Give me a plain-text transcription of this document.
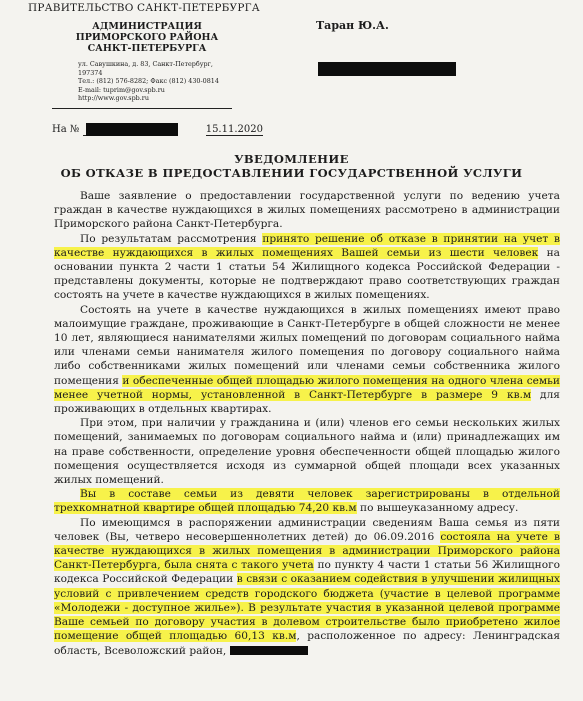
ПРАВИТЕЛЬСТВО САНКТ-ПЕТЕРБУРГА
АДМИНИСТРАЦИЯ
ПРИМОРСКОГО РАЙОНА
САНКТ-ПЕТЕРБУРГА
ул. Савушкина, д. 83, Санкт-Петербург, 197374
Тел.: (812) 576-8282; Факс (812) 430-0814
E-mail: tuprim@gov.spb.ru
http://www.gov.spb.ru
Таран Ю.А.
На №	15.11.2020
УВЕДОМЛЕНИЕ
ОБ ОТКАЗЕ В ПРЕДОСТАВЛЕНИИ ГОСУДАРСТВЕННОЙ УСЛУГИ

Ваше заявление о предоставлении государственной услуги по ведению учета граждан в качестве нуждающихся в жилых помещениях рассмотрено в администрации Приморского района Санкт-Петербурга.

По результатам рассмотрения принято решение об отказе в принятии на учет в качестве нуждающихся в жилых помещениях Вашей семьи из шести человек на основании пункта 2 части 1 статьи 54 Жилищного кодекса Российской Федерации - представлены документы, которые не подтверждают право соответствующих граждан состоять на учете в качестве нуждающихся в жилых помещениях.

Состоять на учете в качестве нуждающихся в жилых помещениях имеют право малоимущие граждане, проживающие в Санкт-Петербурге в общей сложности не менее 10 лет, являющиеся нанимателями жилых помещений по договорам социального найма или членами семьи нанимателя жилого помещения по договору социального найма либо собственниками жилых помещений или членами семьи собственника жилого помещения и обеспеченные общей площадью жилого помещения на одного члена семьи менее учетной нормы, установленной в Санкт-Петербурге в размере 9 кв.м для проживающих в отдельных квартирах.

При этом, при наличии у гражданина и (или) членов его семьи нескольких жилых помещений, занимаемых по договорам социального найма и (или) принадлежащих им на праве собственности, определение уровня обеспеченности общей площадью жилого помещения осуществляется исходя из суммарной общей площади всех указанных жилых помещений.

Вы в составе семьи из девяти человек зарегистрированы в отдельной трехкомнатной квартире общей площадью 74,20 кв.м по вышеуказанному адресу.

По имеющимся в распоряжении администрации сведениям Ваша семья из пяти человек (Вы, четверо несовершеннолетних детей) до 06.09.2016 состояла на учете в качестве нуждающихся в жилых помещения в администрации Приморского района Санкт-Петербурга, была снята с такого учета по пункту 4 части 1 статьи 56 Жилищного кодекса Российской Федерации в связи с оказанием содействия в улучшении жилищных условий с привлечением средств городского бюджета (участие в целевой программе «Молодежи - доступное жилье»). В результате участия в указанной целевой программе Ваше семьей по договору участия в долевом строительстве было приобретено жилое помещение общей площадью 60,13 кв.м, расположенное по адресу: Ленинградская область, Всеволожский район,
